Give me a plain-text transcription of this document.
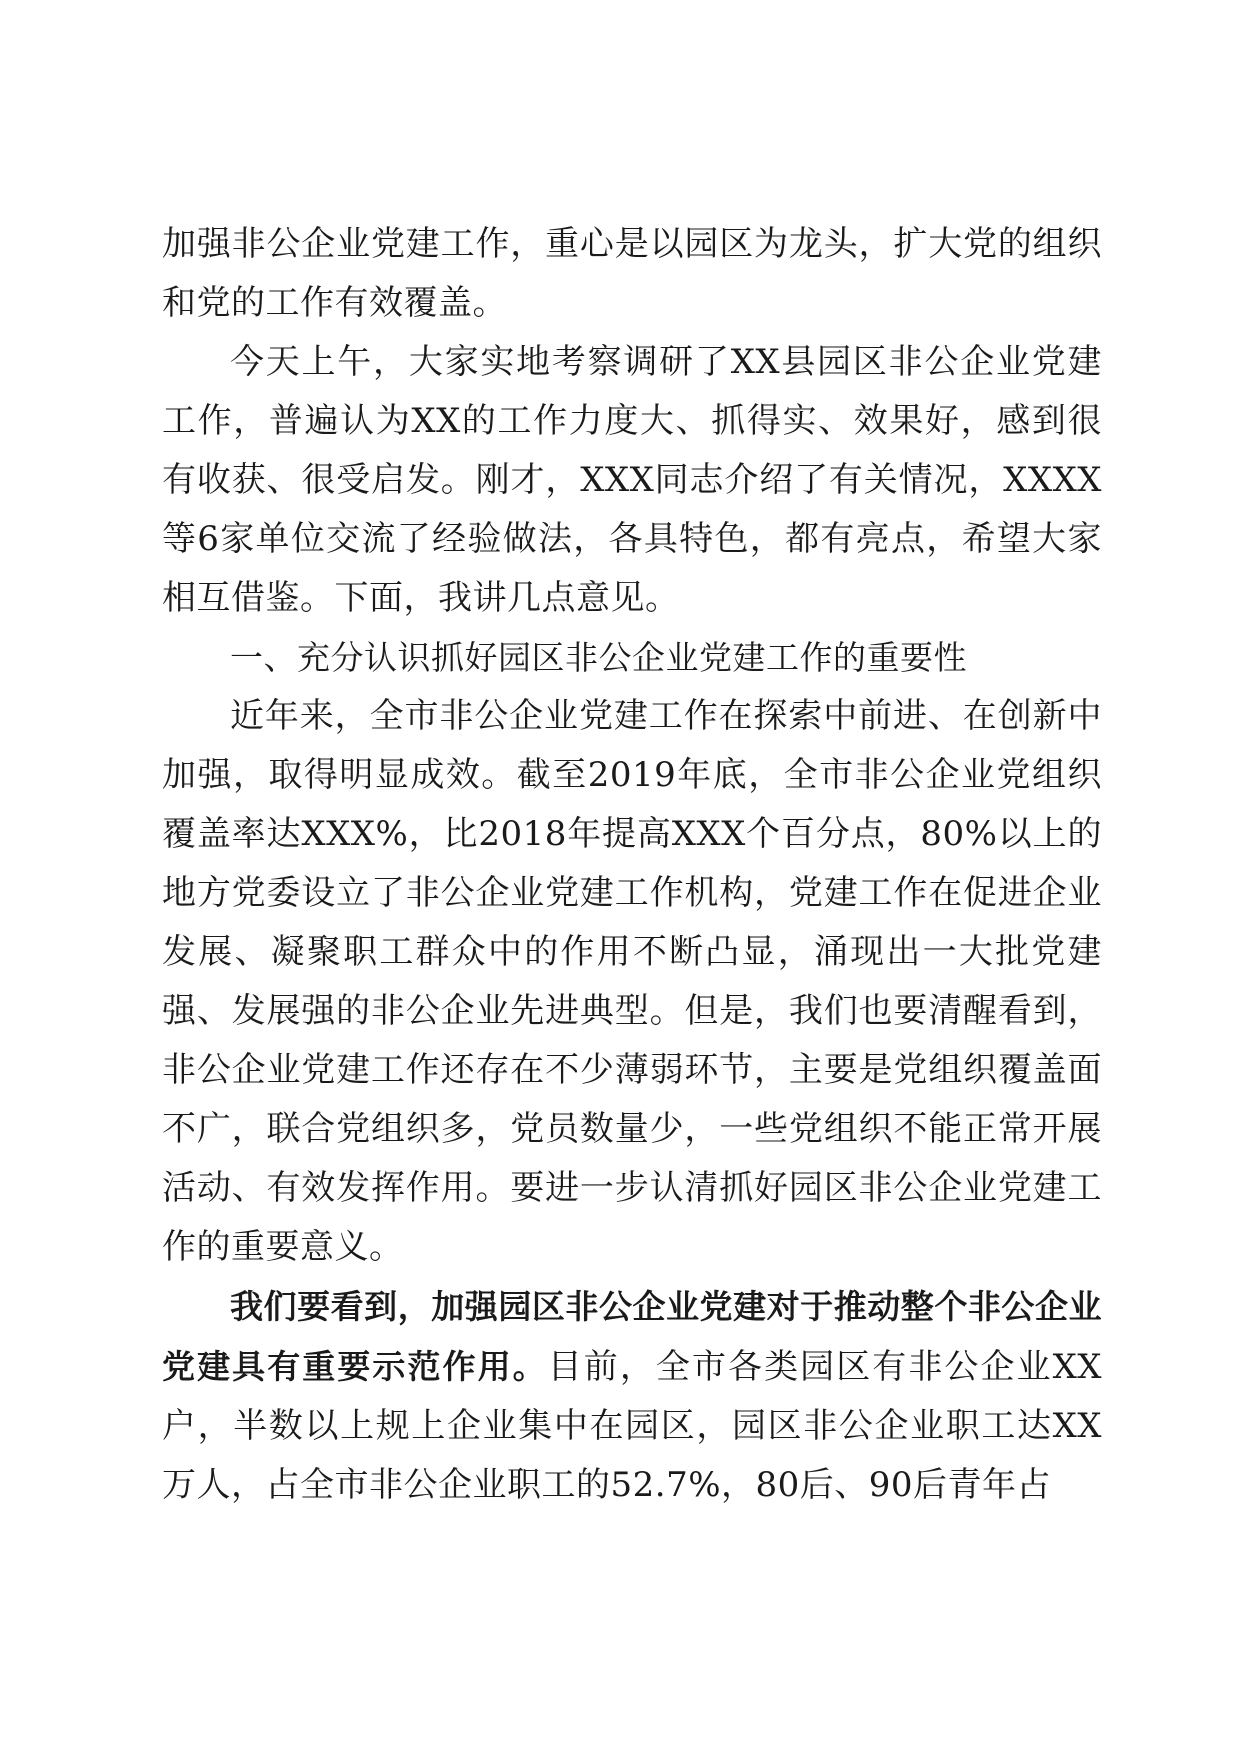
加强非公企业党建工作，重心是以园区为龙头，扩大党的组织和党的工作有效覆盖。

今天上午，大家实地考察调研了XX县园区非公企业党建工作，普遍认为XX的工作力度大、抓得实、效果好，感到很有收获、很受启发。刚才，XXX同志介绍了有关情况，XXXX等6家单位交流了经验做法，各具特色，都有亮点，希望大家相互借鉴。下面，我讲几点意见。

一、充分认识抓好园区非公企业党建工作的重要性

近年来，全市非公企业党建工作在探索中前进、在创新中加强，取得明显成效。截至2019年底，全市非公企业党组织覆盖率达XXX%，比2018年提高XXX个百分点，80%以上的地方党委设立了非公企业党建工作机构，党建工作在促进企业发展、凝聚职工群众中的作用不断凸显，涌现出一大批党建强、发展强的非公企业先进典型。但是，我们也要清醒看到，非公企业党建工作还存在不少薄弱环节，主要是党组织覆盖面不广，联合党组织多，党员数量少，一些党组织不能正常开展活动、有效发挥作用。要进一步认清抓好园区非公企业党建工作的重要意义。

我们要看到，加强园区非公企业党建对于推动整个非公企业党建具有重要示范作用。目前，全市各类园区有非公企业XX户，半数以上规上企业集中在园区，园区非公企业职工达XX万人，占全市非公企业职工的52.7%，80后、90后青年占
